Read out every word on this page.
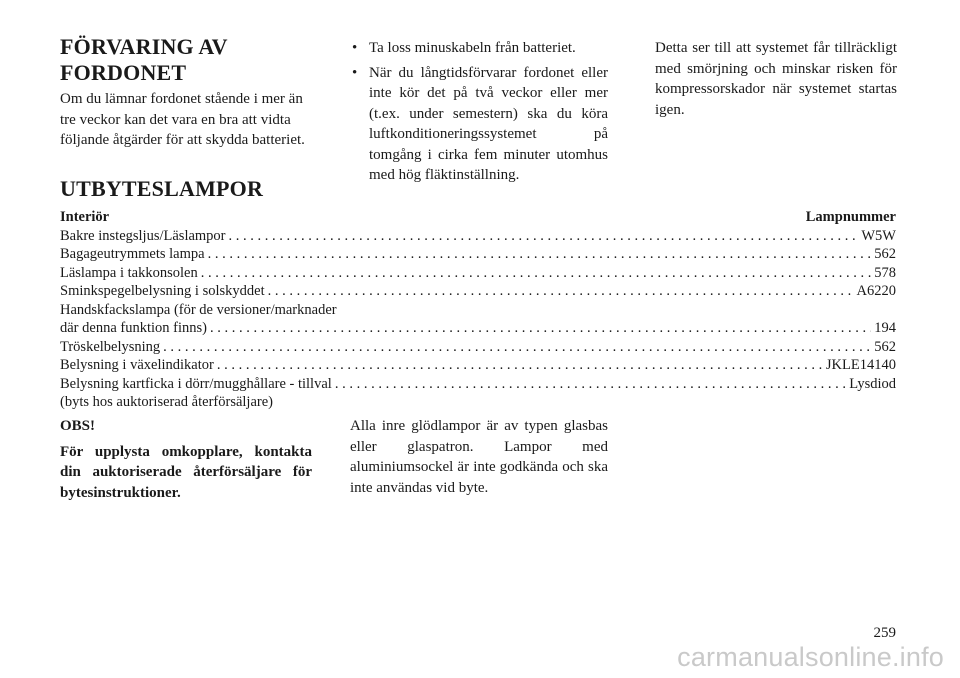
FÖRVARING AV
FORDONET

Om du lämnar fordonet stående i mer än tre veckor kan det vara en bra att vidta följande åtgärder för att skydda batteriet.

• Ta loss minuskabeln från batteriet.
• När du långtidsförvarar fordonet eller inte kör det på två veckor eller mer (t.ex. under semestern) ska du köra luftkonditioneringssystemet på tomgång i cirka fem minuter utomhus med hög fläktinställning.
Detta ser till att systemet får tillräckligt med smörjning och minskar risken för kompressorskador när systemet startas igen.
UTBYTESLAMPOR
Interiör	Lampnummer
Bakre instegsljus/Läslampor . . .	W5W
Bagageutrymmets lampa . . .	562
Läslampa i takkonsolen . . .	578
Sminkspegelbelysning i solskyddet . . .	A6220
Handskfackslampa (för de versioner/marknader
där denna funktion finns) . . .	194
Tröskelbelysning . . .	562
Belysning i växelindikator . . .	JKLE14140
Belysning kartficka i dörr/mugghållare - tillval . . .	Lysdiod
(byts hos auktoriserad återförsäljare)

OBS!

För upplysta omkopplare, kontakta din auktoriserade återförsäljare för bytesinstruktioner.

Alla inre glödlampor är av typen glasbas eller glaspatron. Lampor med aluminiumsockel är inte godkända och ska inte användas vid byte.
259
carmanualsonline.info
